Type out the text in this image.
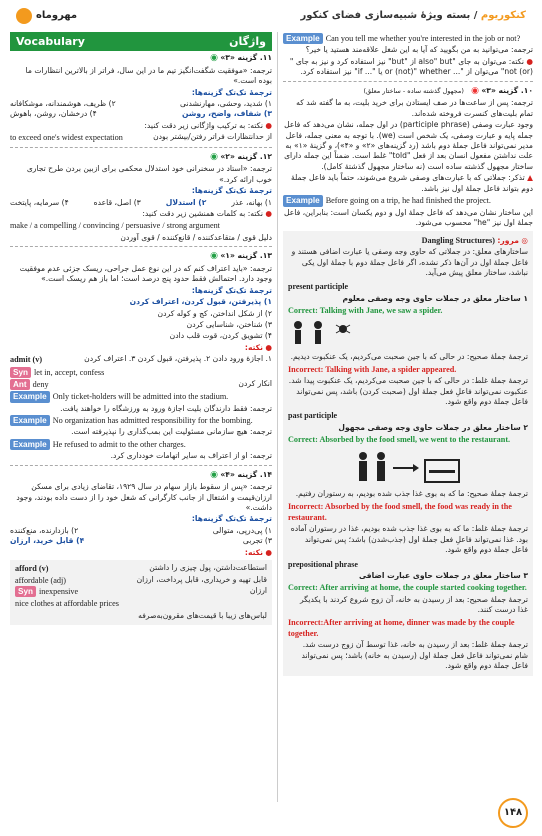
کنکوریوم / بسته ویژهٔ شبیه‌سازی فضای کنکور
مهروماه
Example Can you tell me whether you're interested in the job or not?
ترجمه: می‌توانید به من بگویید که آیا به این شغل علاقه‌مند هستید یا خیر؟
● نکته: می‌توان به جای "also" but از "but" نیز استفاده کرد و نیز به جای "(or) not" می‌توان از "... or (not)" whether یا "... if" نیز استفاده کرد.
۱۰. گزینه «۳» ◉   (مجهول گذشته ساده - ساختار معلق)
ترجمه: پس از ساعت‌ها در صف ایستادن برای خرید بلیت، به ما گفته شد که تمام بلیت‌های کنسرت فروخته شده‌اند.
وجود عبارت وصفی (participle phrase) در اول جمله، نشان می‌دهد که فاعل جمله پایه و عبارت وصفی، یک شخص است (we). با توجه به معنی جمله، فاعل مدیر نمی‌تواند فاعل جملهٔ دوم باشد (رد گزینه‌های «۲» و «۴»)، و گزینهٔ «۱» به علت نداشتن مفعول انسان بعد از فعل "told" غلط است. ضمناً این جمله دارای ساختار مجهول گذشته ساده است (نه ساختار مجهول گذشتهٔ کامل).
▲ تذکر: جملاتی که با عبارت‌های وصفی شروع می‌شوند، حتماً باید فاعل جملهٔ دوم بتواند فاعل جملهٔ اول نیز باشد.
Example Before going on a trip, he had finished the project.
این ساختار نشان می‌دهد که فاعل جملهٔ اول و دوم یکسان است: بنابراین، فاعل جملهٔ اول نیز "he" محسوب می‌شود.
◎ مرور: (Dangling Structures
ساختارهای معلق: در جملاتی که حاوی وجه وصفی یا عبارت اضافی هستند و فاعل جملهٔ اول در آن‌ها ذکر نشده، اگر فاعل جملهٔ دوم با جملهٔ اول یکی نباشد، ساختار معلق پیش می‌آید.
present participle
۱ ساختار معلق در جملات حاوی وجه وصفی معلوم
Correct: Talking with Jane, we saw a spider.
ترجمهٔ جملهٔ صحیح: در حالی که با جین صحبت می‌کردیم، یک عنکبوت دیدیم.
Incorrect: Talking with Jane, a spider appeared.
ترجمهٔ جملهٔ غلط: در حالی که با جین صحبت می‌کردیم، یک عنکبوت پیدا شد. عنکبوت نمی‌تواند فاعلِ فعل جملهٔ اول (صحبت کردن) باشد، پس نمی‌تواند فاعل جملهٔ دوم واقع شود.
past participle
۲ ساختار معلق در جملات حاوی وجه وصفی مجهول
Correct: Absorbed by the food smell, we went to the restaurant.
ترجمهٔ جملهٔ صحیح: ما که به بوی غذا جذب شده بودیم، به رستوران رفتیم.
Incorrect: Absorbed by the food smell, the food was ready in the restaurant.
ترجمهٔ جملهٔ غلط: ما که به بوی غذا جذب شده بودیم، غذا در رستوران آماده بود. غذا نمی‌تواند فاعلِ فعل جملهٔ اول (جذب‌شدن) باشد؛ پس نمی‌تواند فاعل جملهٔ دوم واقع شود.
prepositional phrase
۳ ساختار معلق در جملات حاوی عبارت اضافی
Correct: After arriving at home, the couple started cooking together.
ترجمهٔ جملهٔ صحیح: بعد از رسیدن به خانه، آن زوج شروع کردند با یکدیگر غذا درست کنند.
Incorrect:After arriving at home, dinner was made by the couple together.
ترجمهٔ جملهٔ غلط: بعد از رسیدن به خانه، غذا توسط آن زوج درست شد. شام نمی‌تواند فاعل فعل جملهٔ اول (رسیدن به خانه) باشد؛ پس نمی‌تواند فاعل جملهٔ دوم واقع شود.
Vocabulary	واژگان
۱۱. گزینه «۳» ◉
ترجمه: «موفقیت شگفت‌انگیز تیم ما در این سال، فراتر از بالاترین انتظارات ما بوده است.»
ترجمهٔ تک‌تک گزینه‌ها:
۱) شدید، وحشی، مهارنشدنی
۲) ظریف، هوشمندانه، موشکافانه
۳) شفاف، واضح، روشن
۴) درخشان، روشن، باهوش
● نکته: به ترکیب واژگانی زیر دقت کنید:
to exceed one's widest expectation	از حدانتظارات فراتر رفتن/بیشتر بودن
۱۲. گزینه «۲» ◉
ترجمه: «استاد در سخنرانی خود استدلال محکمی برای ازبین بردن طرح تجاری خوب ارائه کرد.»
ترجمهٔ تک‌تک گزینه‌ها:
۱) بهانه، عذر
۲) استدلال
۳) اصل، قاعده
۴) سرمایه، پایتخت
● نکته: به کلمات همنشین زیر دقت کنید:
make / a compelling / convincing / persuasive / strong argument
دلیل قوی / متقاعدکننده / قانع‌کننده / قوی آوردن
۱۳. گزینه «۱» ◉
ترجمه: «باید اعتراف کنم که در این نوع عمل جراحی، ریسک جزئی عدم موفقیت وجود دارد. احتمالش فقط حدود پنج درصد است؛ اما باز هم ریسک است.»
ترجمهٔ تک‌تک گزینه‌ها:
۱) پذیرفتن، قبول کردن، اعتراف کردن
۲) از شکل انداختن، کج و کوله کردن
۳) شناختن، شناسایی کردن
۴) تشویق کردن، قوت قلب دادن
● نکته:
admit (v)	۱. اجازهٔ ورود دادن ۲. پذیرفتن، قبول کردن ۳. اعتراف کردن
Syn let in, accept, confess
Ant deny	انکار کردن
Example Only ticket-holders will be admitted into the stadium.
ترجمه: فقط دارندگان بلیت اجازهٔ ورود به ورزشگاه را خواهند یافت.
Example No organization has admitted responsibility for the bombing.
ترجمه: هیچ سازمانی مسئولیت این بمب‌گذاری را نپذیرفته است.
Example He refused to admit to the other charges.
ترجمه: او از اعتراف به سایر اتهامات خودداری کرد.
۱۴. گزینه «۴» ◉
ترجمه: «پس از سقوط بازار سهام در سال ۱۹۲۹، تقاضای زیادی برای مسکن ارزان‌قیمت و اشتغال از جانب کارگرانی که شغل خود را از دست داده بودند، وجود داشت.»
ترجمهٔ تک‌تک گزینه‌ها:
۱) پی‌درپی، متوالی
۲) بازدارنده، منع‌کننده
۳) تجربی
۴) قابل خرید، ارزان
● نکته:
afford (v)	استطاعت‌داشتن، پول چیزی را داشتن
affordable (adj)	قابل تهیه و خریداری، قابل پرداخت، ارزان
Syn inexpensive	ارزان
nice clothes at affordable prices
لباس‌های زیبا با قیمت‌های مقرون‌به‌صرفه
۱۴۸
